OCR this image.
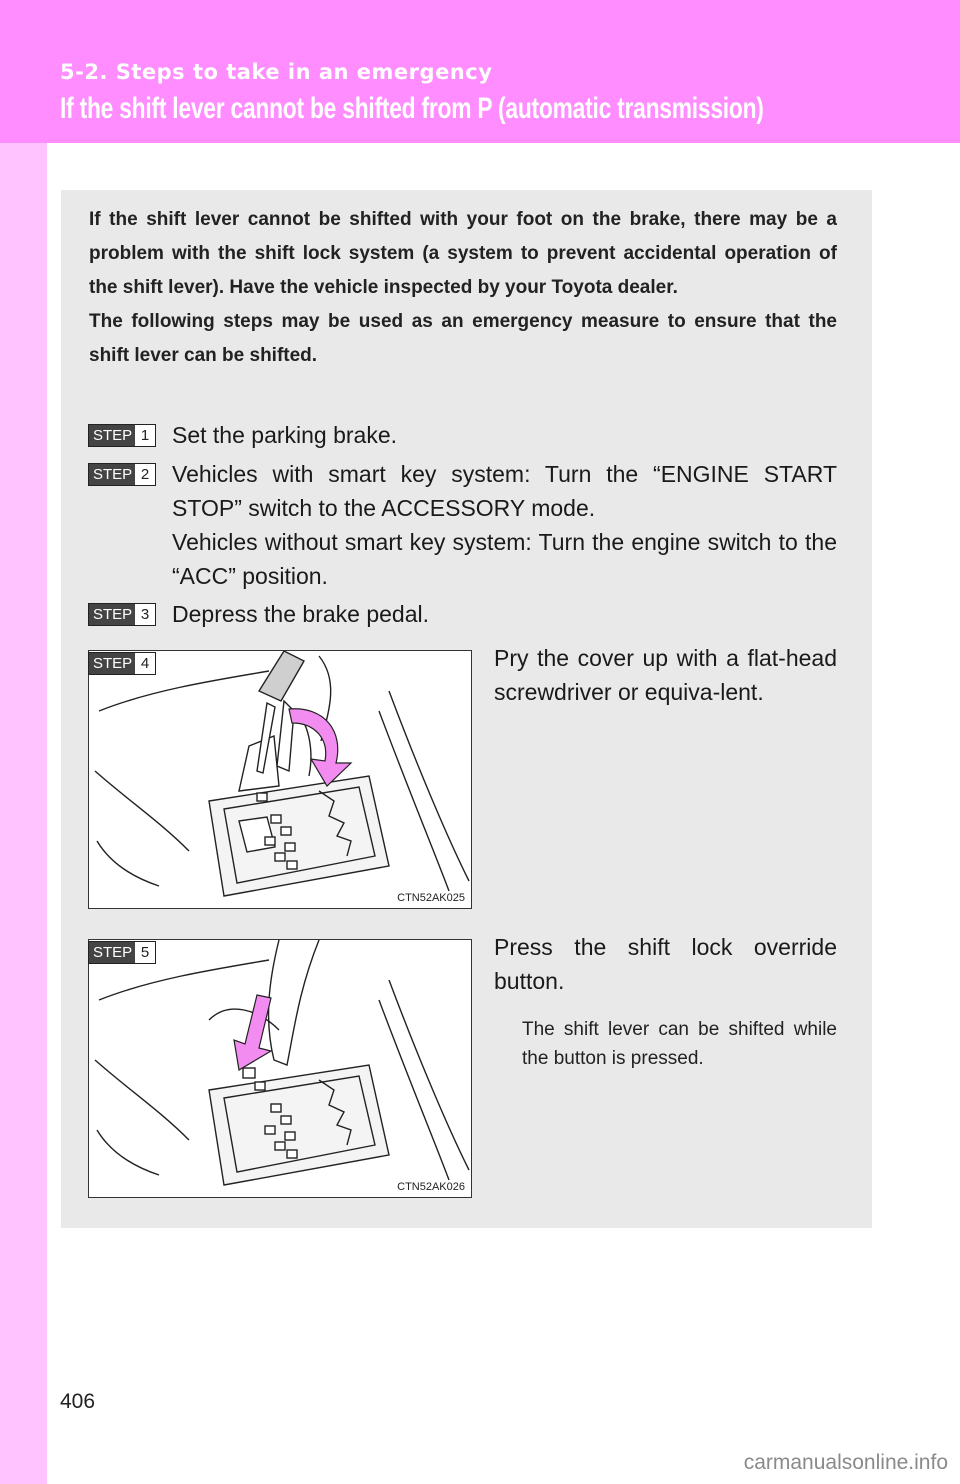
5-2. Steps to take in an emergency
If the shift lever cannot be shifted from P (automatic transmission)

If the shift lever cannot be shifted with your foot on the brake, there may be a problem with the shift lock system (a system to prevent accidental operation of the shift lever). Have the vehicle inspected by your Toyota dealer.

The following steps may be used as an emergency measure to ensure that the shift lever can be shifted.

STEP 1 Set the parking brake.
STEP 2 Vehicles with smart key system: Turn the “ENGINE START STOP” switch to the ACCESSORY mode.
Vehicles without smart key system: Turn the engine switch to the “ACC” position.
STEP 3 Depress the brake pedal.
CTN52AK025
STEP 4	Pry the cover up with a flat-head screwdriver or equiva-lent.
CTN52AK026
STEP 5	Press the shift lock override button.
The shift lever can be shifted while the button is pressed.
406
carmanualsonline.info
